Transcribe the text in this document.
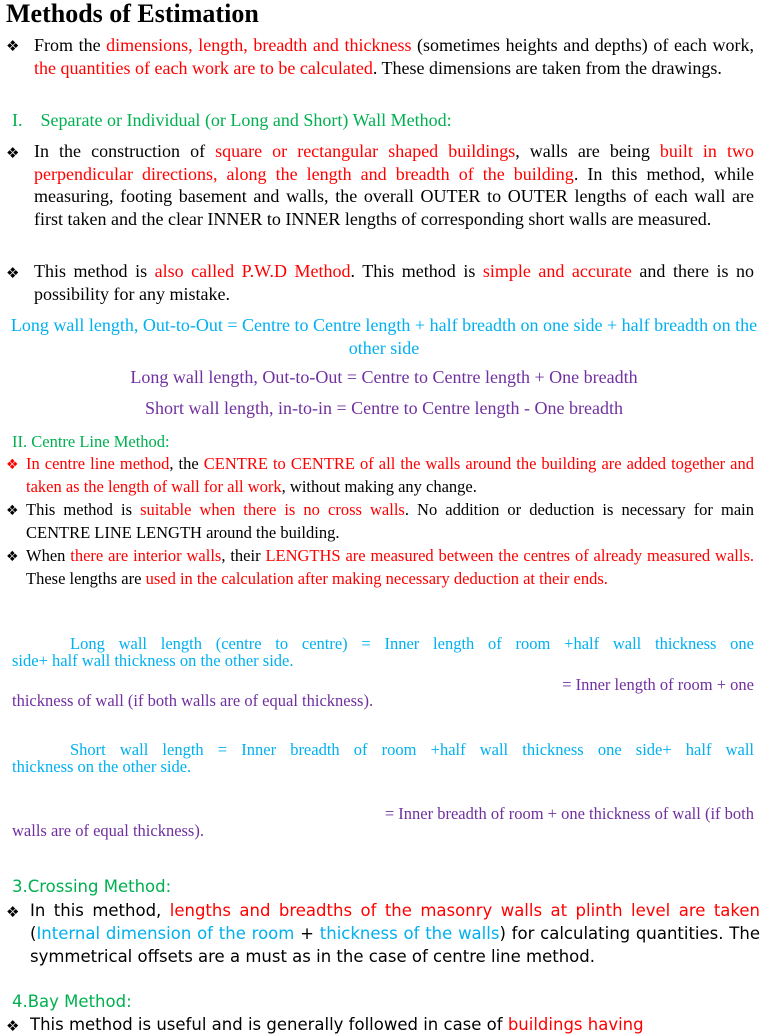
Methods of Estimation
❖ From the dimensions, length, breadth and thickness (sometimes heights and depths) of each work, the quantities of each work are to be calculated. These dimensions are taken from the drawings.
I.    Separate or Individual (or Long and Short) Wall Method:
❖ In the construction of square or rectangular shaped buildings, walls are being built in two perpendicular directions, along the length and breadth of the building. In this method, while measuring, footing basement and walls, the overall OUTER to OUTER lengths of each wall are first taken and the clear INNER to INNER lengths of corresponding short walls are measured.
❖ This method is also called P.W.D Method. This method is simple and accurate and there is no possibility for any mistake.
Long wall length, Out-to-Out = Centre to Centre length + half breadth on one side + half breadth on the other side
Long wall length, Out-to-Out = Centre to Centre length + One breadth
Short wall length, in-to-in = Centre to Centre length - One breadth
II. Centre Line Method:
❖ In centre line method, the CENTRE to CENTRE of all the walls around the building are added together and taken as the length of wall for all work, without making any change.
❖ This method is suitable when there is no cross walls. No addition or deduction is necessary for main CENTRE LINE LENGTH around the building.
❖ When there are interior walls, their LENGTHS are measured between the centres of already measured walls. These lengths are used in the calculation after making necessary deduction at their ends.
Long wall length (centre to centre) = Inner length of room +half wall thickness one
side+ half wall thickness on the other side.
= Inner length of room + one
thickness of wall (if both walls are of equal thickness).
Short wall length = Inner breadth of room +half wall thickness one side+ half wall
thickness on the other side.
= Inner breadth of room + one thickness of wall (if both
walls are of equal thickness).
3.Crossing Method:
❖ In this method, lengths and breadths of the masonry walls at plinth level are taken (Internal dimension of the room + thickness of the walls) for calculating quantities. The symmetrical offsets are a must as in the case of centre line method.
4.Bay Method:
❖ This method is useful and is generally followed in case of buildings having
